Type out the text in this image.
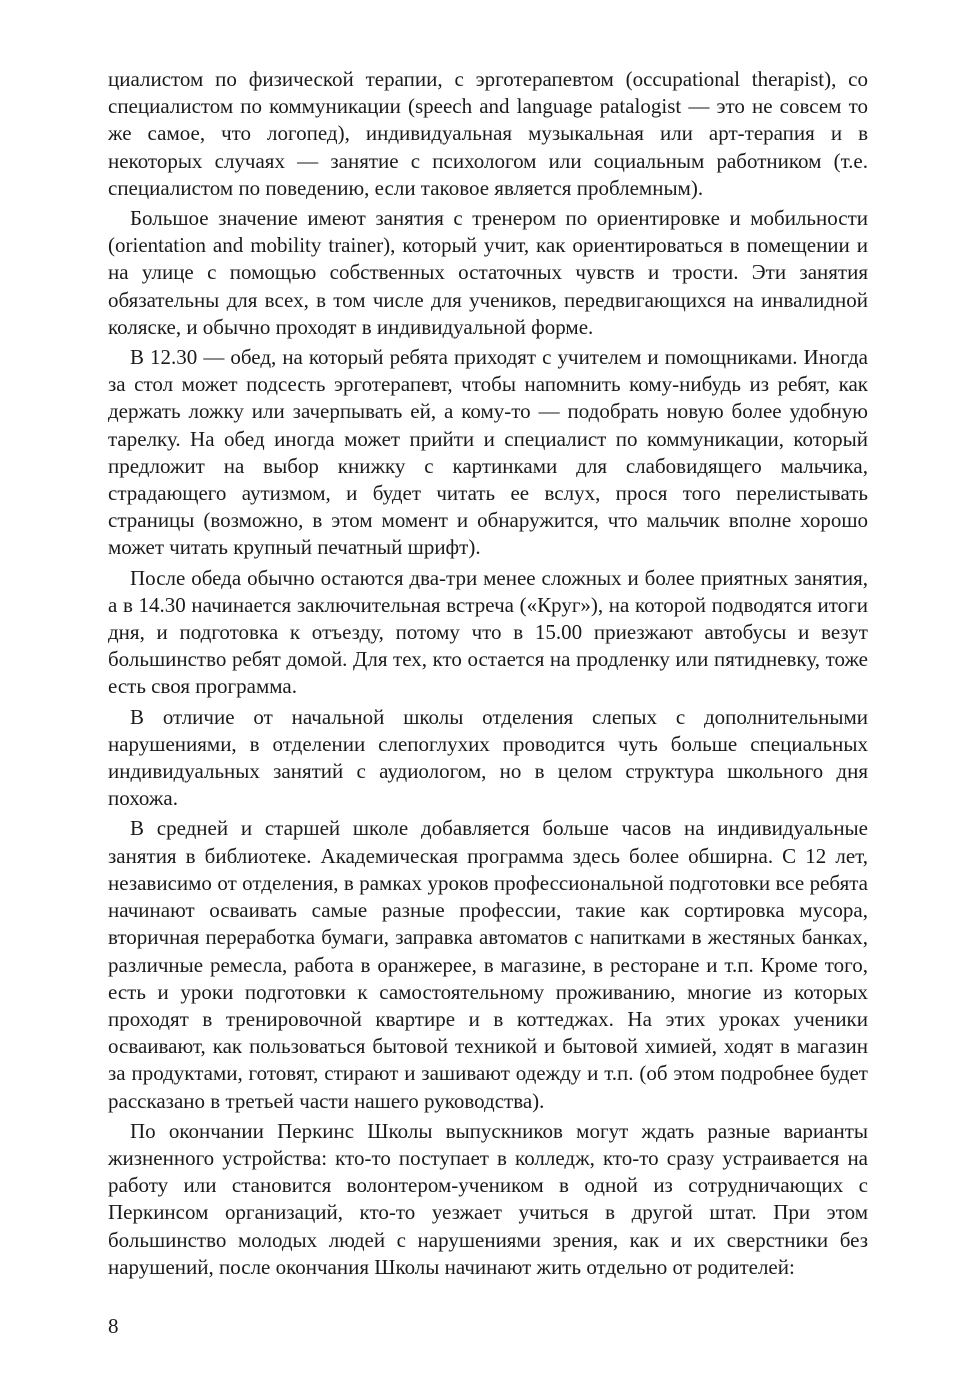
циалистом по физической терапии, с эрготерапевтом (occupational therapist), со специалистом по коммуникации (speech and language patalogist — это не совсем то же самое, что логопед), индивидуальная музыкальная или арт-терапия и в некоторых случаях — занятие с психологом или социальным работником (т.е. специалистом по поведению, если таковое является проблемным).

Большое значение имеют занятия с тренером по ориентировке и мобильности (orientation and mobility trainer), который учит, как ориентироваться в помещении и на улице с помощью собственных остаточных чувств и трости. Эти занятия обязательны для всех, в том числе для учеников, передвигающихся на инвалидной коляске, и обычно проходят в индивидуальной форме.

В 12.30 — обед, на который ребята приходят с учителем и помощниками. Иногда за стол может подсесть эрготерапевт, чтобы напомнить кому-нибудь из ребят, как держать ложку или зачерпывать ей, а кому-то — подобрать новую более удобную тарелку. На обед иногда может прийти и специалист по коммуникации, который предложит на выбор книжку с картинками для слабовидящего мальчика, страдающего аутизмом, и будет читать ее вслух, прося того перелистывать страницы (возможно, в этом момент и обнаружится, что мальчик вполне хорошо может читать крупный печатный шрифт).

После обеда обычно остаются два-три менее сложных и более приятных занятия, а в 14.30 начинается заключительная встреча («Круг»), на которой подводятся итоги дня, и подготовка к отъезду, потому что в 15.00 приезжают автобусы и везут большинство ребят домой. Для тех, кто остается на продленку или пятидневку, тоже есть своя программа.

В отличие от начальной школы отделения слепых с дополнительными нарушениями, в отделении слепоглухих проводится чуть больше специальных индивидуальных занятий с аудиологом, но в целом структура школьного дня похожа.

В средней и старшей школе добавляется больше часов на индивидуальные занятия в библиотеке. Академическая программа здесь более обширна. С 12 лет, независимо от отделения, в рамках уроков профессиональной подготовки все ребята начинают осваивать самые разные профессии, такие как сортировка мусора, вторичная переработка бумаги, заправка автоматов с напитками в жестяных банках, различные ремесла, работа в оранжерее, в магазине, в ресторане и т.п. Кроме того, есть и уроки подготовки к самостоятельному проживанию, многие из которых проходят в тренировочной квартире и в коттеджах. На этих уроках ученики осваивают, как пользоваться бытовой техникой и бытовой химией, ходят в магазин за продуктами, готовят, стирают и зашивают одежду и т.п. (об этом подробнее будет рассказано в третьей части нашего руководства).

По окончании Перкинс Школы выпускников могут ждать разные варианты жизненного устройства: кто-то поступает в колледж, кто-то сразу устраивается на работу или становится волонтером-учеником в одной из сотрудничающих с Перкинсом организаций, кто-то уезжает учиться в другой штат. При этом большинство молодых людей с нарушениями зрения, как и их сверстники без нарушений, после окончания Школы начинают жить отдельно от родителей:

8
